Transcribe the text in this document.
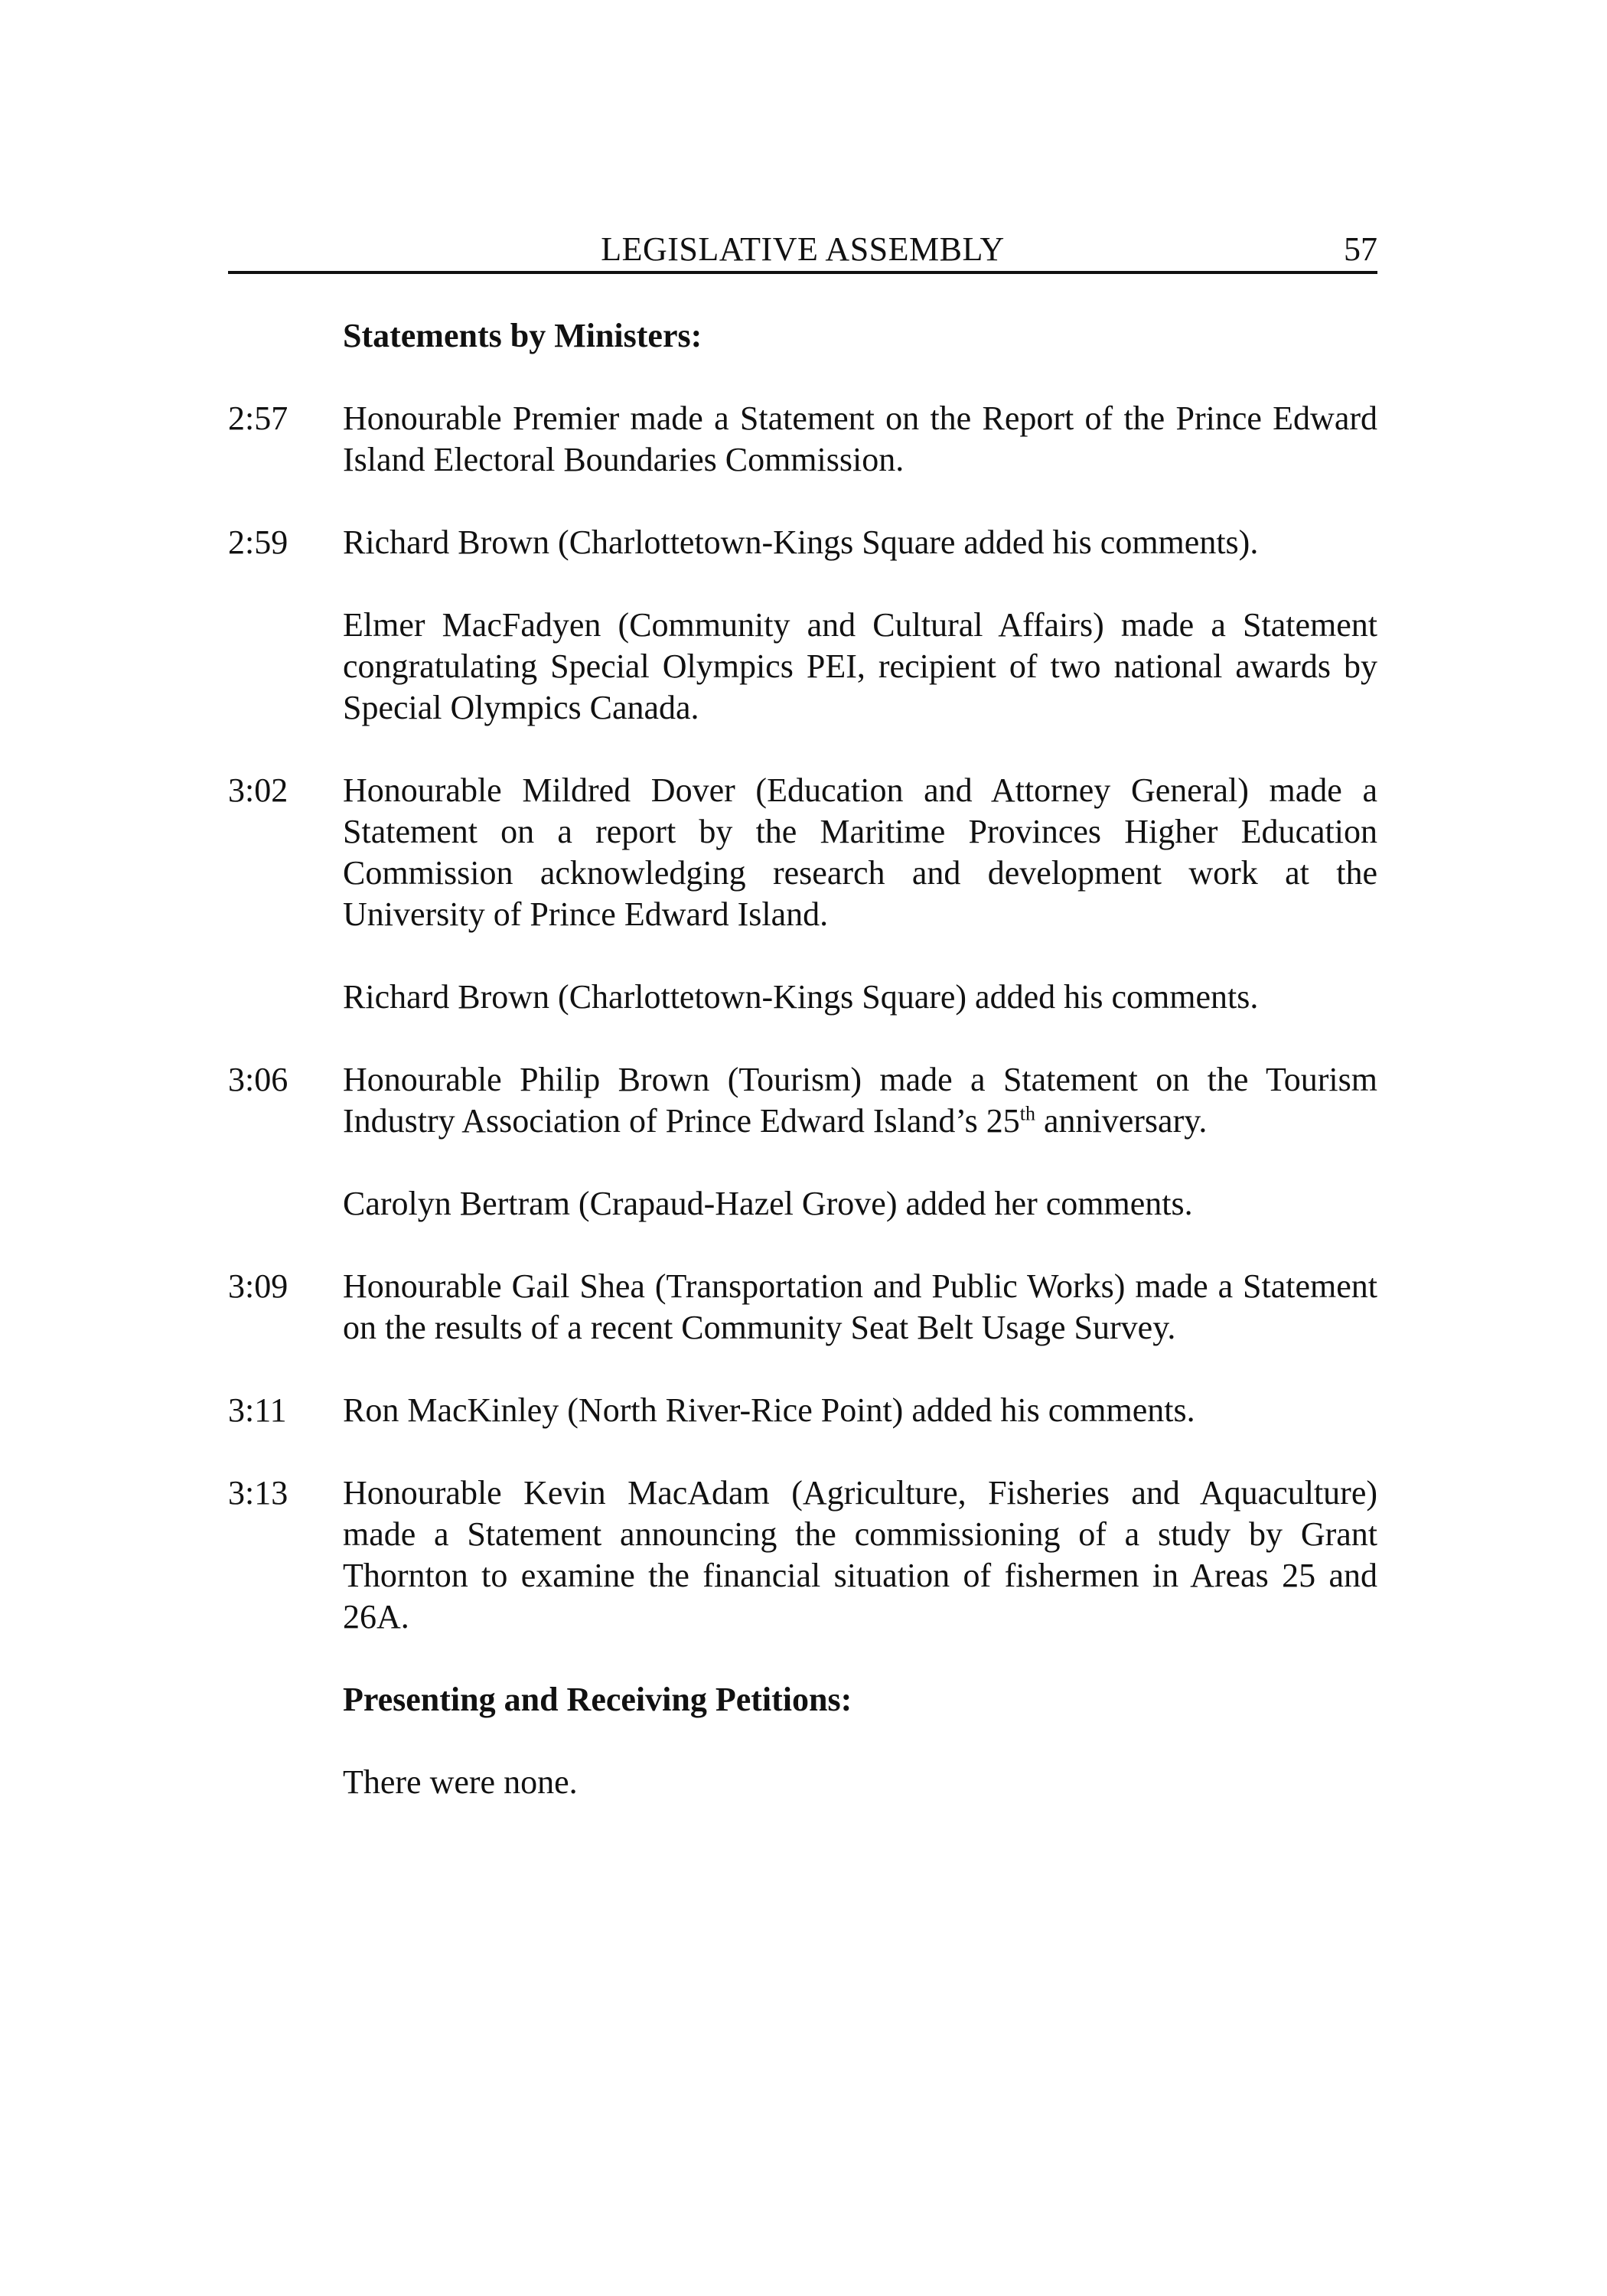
LEGISLATIVE ASSEMBLY	57
Statements by Ministers:
2:57	Honourable Premier made a Statement on the Report of the Prince Edward Island Electoral Boundaries Commission.
2:59	Richard Brown (Charlottetown-Kings Square added his comments).
Elmer MacFadyen (Community and Cultural Affairs) made a Statement congratulating Special Olympics PEI, recipient of two national awards by Special Olympics Canada.
3:02	Honourable Mildred Dover (Education and Attorney General) made a Statement on a report by the Maritime Provinces Higher Education Commission acknowledging research and development work at the University of Prince Edward Island.
Richard Brown (Charlottetown-Kings Square) added his comments.
3:06	Honourable Philip Brown (Tourism) made a Statement on the Tourism Industry Association of Prince Edward Island’s 25th anniversary.
Carolyn Bertram (Crapaud-Hazel Grove) added her comments.
3:09	Honourable Gail Shea (Transportation and Public Works) made a Statement on the results of a recent Community Seat Belt Usage Survey.
3:11	Ron MacKinley (North River-Rice Point) added his comments.
3:13	Honourable Kevin MacAdam (Agriculture, Fisheries and Aquaculture) made a Statement announcing the commissioning of a study by Grant Thornton to examine the financial situation of fishermen in Areas 25 and 26A.
Presenting and Receiving Petitions:
There were none.
